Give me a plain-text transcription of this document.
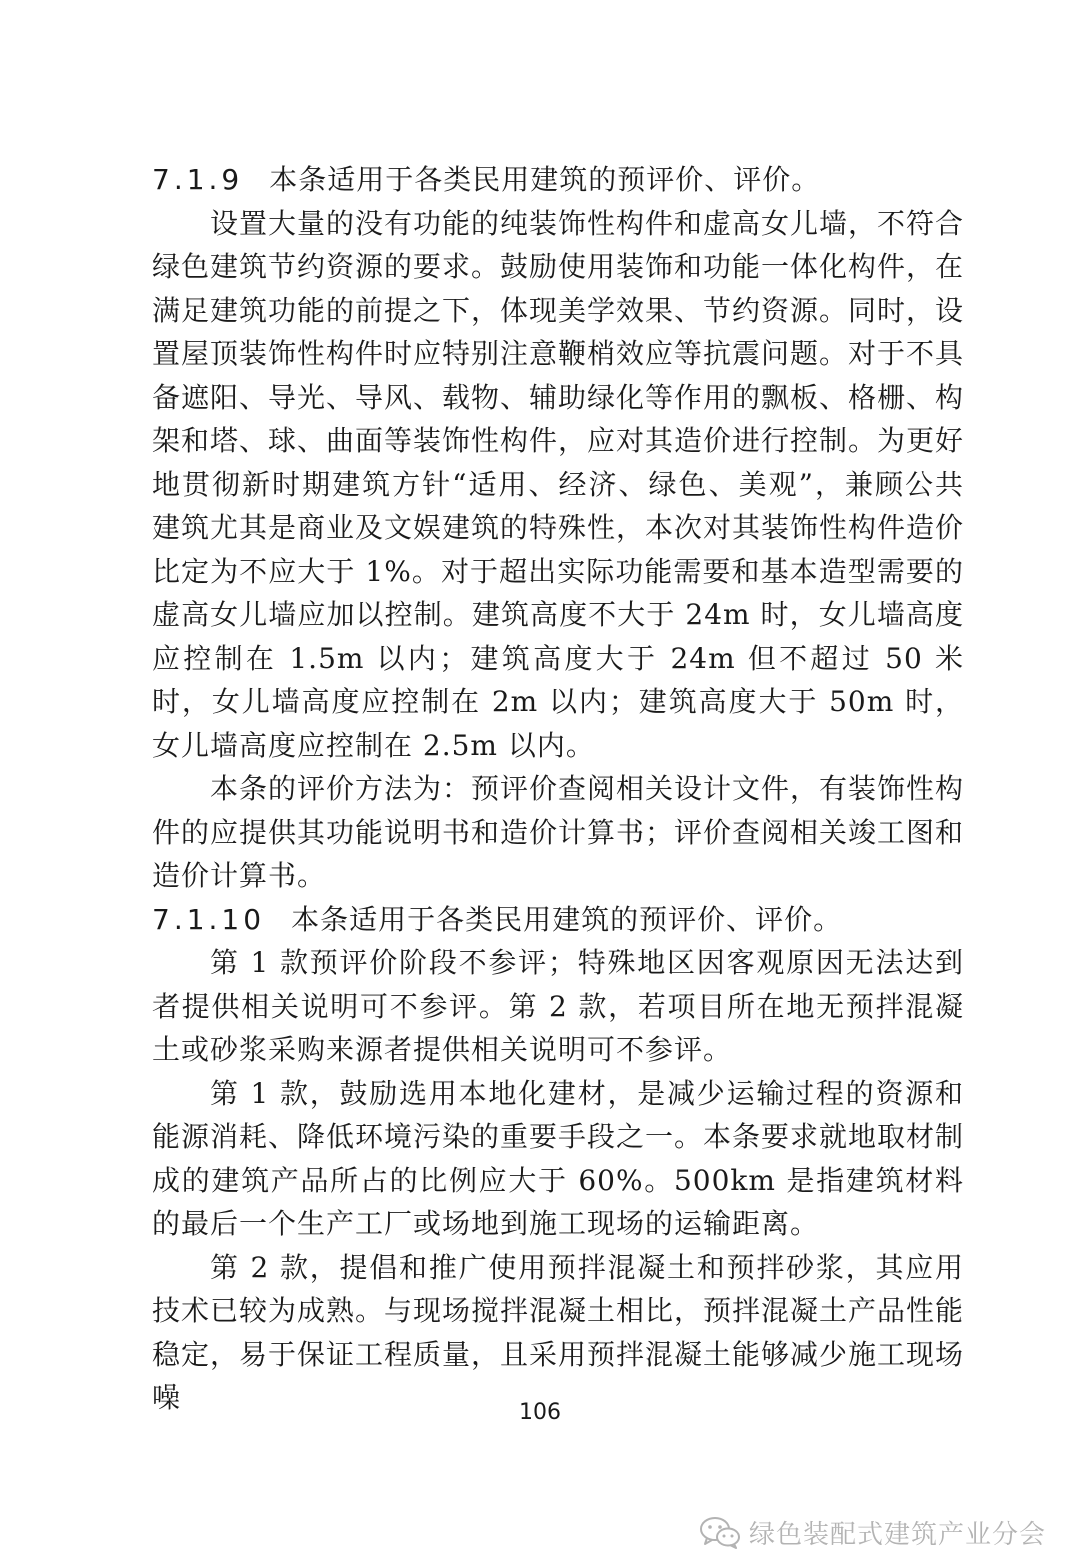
7.1.9 本条适用于各类民用建筑的预评价、评价。

设置大量的没有功能的纯装饰性构件和虚高女儿墙，不符合绿色建筑节约资源的要求。鼓励使用装饰和功能一体化构件，在满足建筑功能的前提之下，体现美学效果、节约资源。同时，设置屋顶装饰性构件时应特别注意鞭梢效应等抗震问题。对于不具备遮阳、导光、导风、载物、辅助绿化等作用的飘板、格栅、构架和塔、球、曲面等装饰性构件，应对其造价进行控制。为更好地贯彻新时期建筑方针“适用、经济、绿色、美观”，兼顾公共建筑尤其是商业及文娱建筑的特殊性，本次对其装饰性构件造价比定为不应大于 1%。对于超出实际功能需要和基本造型需要的虚高女儿墙应加以控制。建筑高度不大于 24m 时，女儿墙高度应控制在 1.5m 以内；建筑高度大于 24m 但不超过 50 米时，女儿墙高度应控制在 2m 以内；建筑高度大于 50m 时，女儿墙高度应控制在 2.5m 以内。

本条的评价方法为：预评价查阅相关设计文件，有装饰性构件的应提供其功能说明书和造价计算书；评价查阅相关竣工图和造价计算书。

7.1.10 本条适用于各类民用建筑的预评价、评价。

第 1 款预评价阶段不参评；特殊地区因客观原因无法达到者提供相关说明可不参评。第 2 款，若项目所在地无预拌混凝土或砂浆采购来源者提供相关说明可不参评。

第 1 款，鼓励选用本地化建材，是减少运输过程的资源和能源消耗、降低环境污染的重要手段之一。本条要求就地取材制成的建筑产品所占的比例应大于 60%。500km 是指建筑材料的最后一个生产工厂或场地到施工现场的运输距离。

第 2 款，提倡和推广使用预拌混凝土和预拌砂浆，其应用技术已较为成熟。与现场搅拌混凝土相比，预拌混凝土产品性能稳定，易于保证工程质量，且采用预拌混凝土能够减少施工现场噪	106
绿色装配式建筑产业分会
